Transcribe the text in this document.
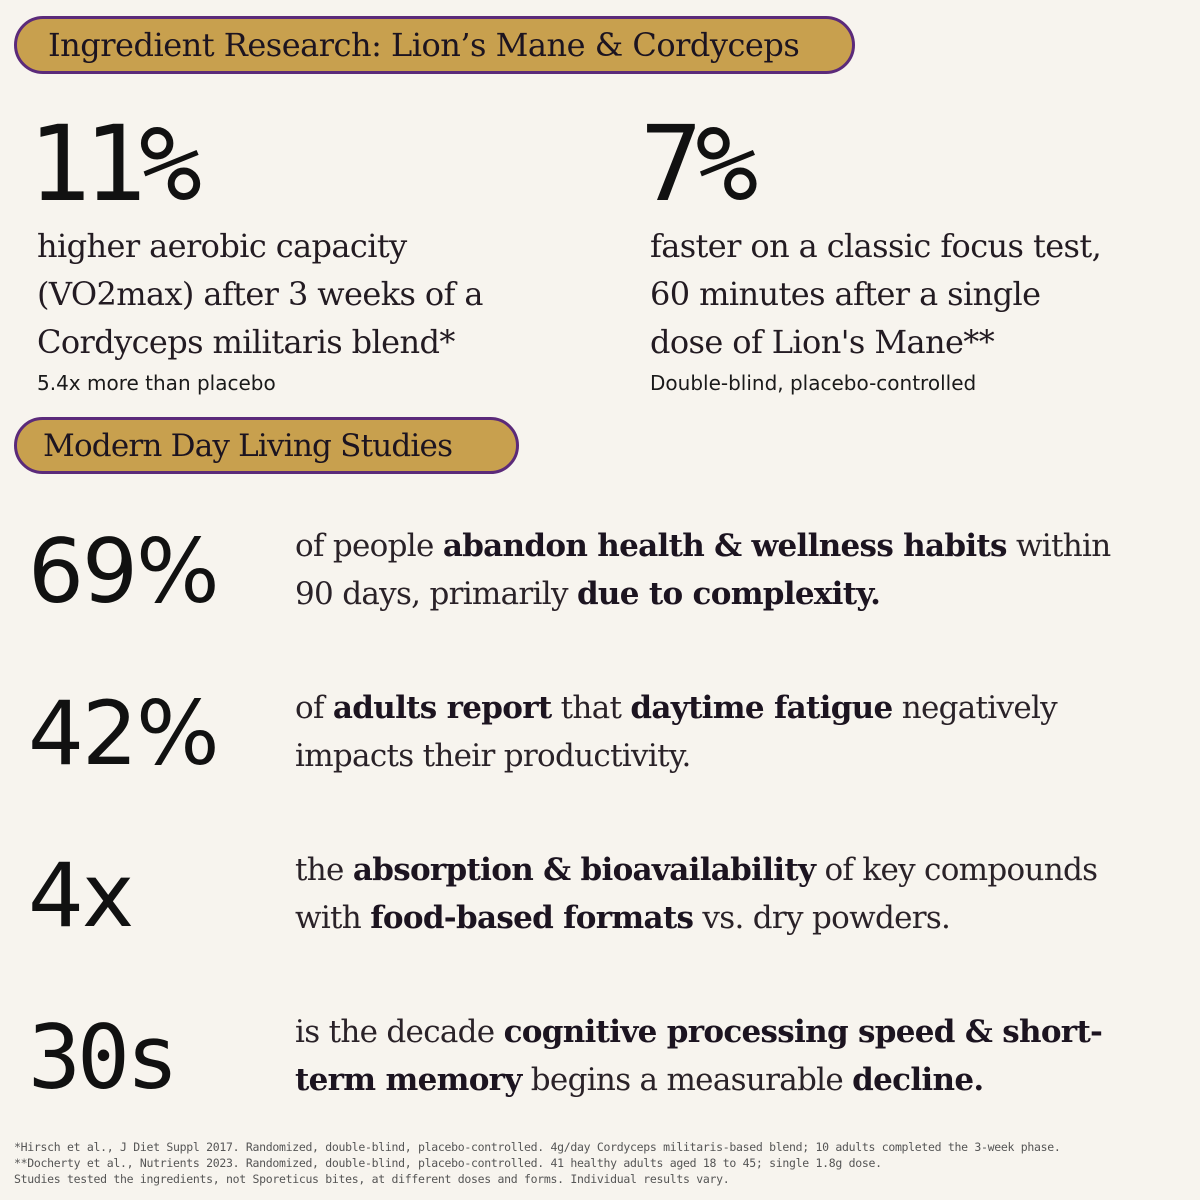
Ingredient Research: Lion’s Mane & Cordyceps
11%
higher aerobic capacity
(VO2max) after 3 weeks of a
Cordyceps militaris blend*
5.4x more than placebo
7%
faster on a classic focus test,
60 minutes after a single
dose of Lion's Mane**
Double-blind, placebo-controlled
Modern Day Living Studies
69% of people abandon health & wellness habits within
90 days, primarily due to complexity.
42% of adults report that daytime fatigue negatively
impacts their productivity.
4x	the absorption & bioavailability of key compounds
with food-based formats vs. dry powders.
30s	is the decade cognitive processing speed & short-
term memory begins a measurable decline.
*Hirsch et al., J Diet Suppl 2017. Randomized, double-blind, placebo-controlled. 4g/day Cordyceps militaris-based blend; 10 adults completed the 3-week phase.
**Docherty et al., Nutrients 2023. Randomized, double-blind, placebo-controlled. 41 healthy adults aged 18 to 45; single 1.8g dose.
Studies tested the ingredients, not Sporeticus bites, at different doses and forms. Individual results vary.
